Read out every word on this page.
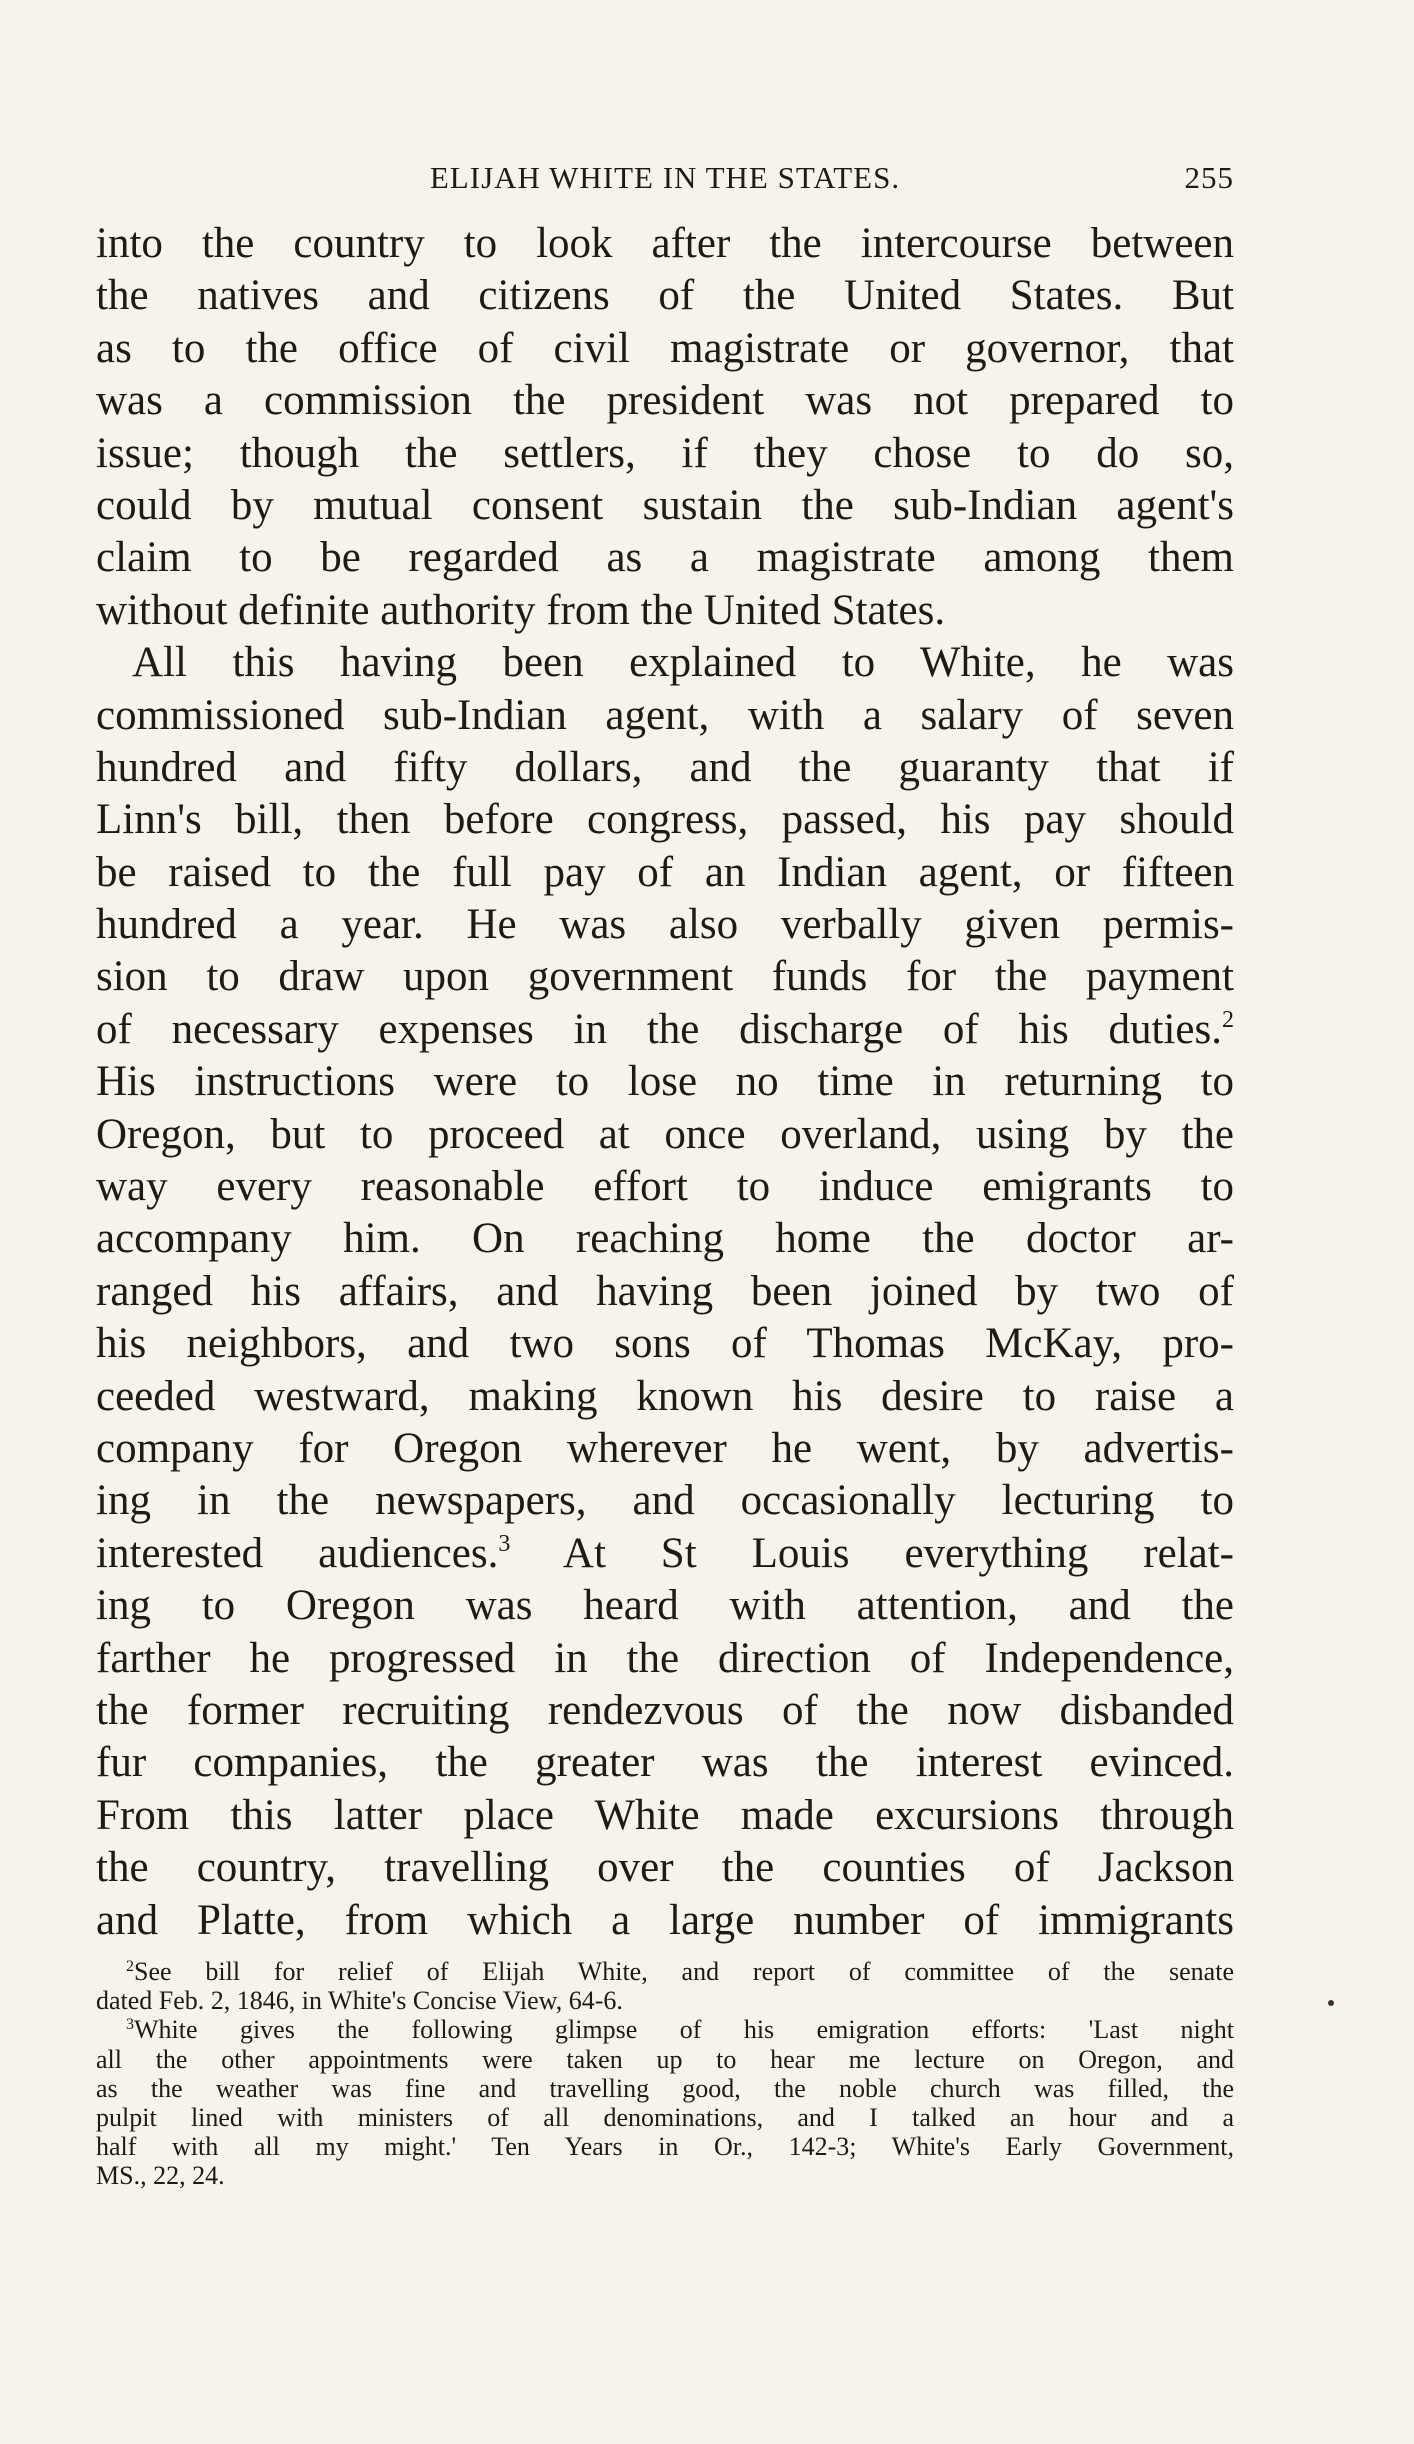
ELIJAH WHITE IN THE STATES.	255
into the country to look after the intercourse between
the natives and citizens of the United States. But
as to the office of civil magistrate or governor, that
was a commission the president was not prepared to
issue; though the settlers, if they chose to do so,
could by mutual consent sustain the sub-Indian agent's
claim to be regarded as a magistrate among them
without definite authority from the United States.
All this having been explained to White, he was
commissioned sub-Indian agent, with a salary of seven
hundred and fifty dollars, and the guaranty that if
Linn's bill, then before congress, passed, his pay should
be raised to the full pay of an Indian agent, or fifteen
hundred a year. He was also verbally given permis-
sion to draw upon government funds for the payment
of necessary expenses in the discharge of his duties.$^2$
His instructions were to lose no time in returning to
Oregon, but to proceed at once overland, using by the
way every reasonable effort to induce emigrants to
accompany him. On reaching home the doctor ar-
ranged his affairs, and having been joined by two of
his neighbors, and two sons of Thomas McKay, pro-
ceeded westward, making known his desire to raise a
company for Oregon wherever he went, by advertis-
ing in the newspapers, and occasionally lecturing to
interested audiences.$^3$ At St Louis everything relat-
ing to Oregon was heard with attention, and the
farther he progressed in the direction of Independence,
the former recruiting rendezvous of the now disbanded
fur companies, the greater was the interest evinced.
From this latter place White made excursions through
the country, travelling over the counties of Jackson
and Platte, from which a large number of immigrants
$^2$See bill for relief of Elijah White, and report of committee of the senate
dated Feb. 2, 1846, in White's Concise View, 64-6.
$^3$White gives the following glimpse of his emigration efforts: 'Last night
all the other appointments were taken up to hear me lecture on Oregon, and
as the weather was fine and travelling good, the noble church was filled, the
pulpit lined with ministers of all denominations, and I talked an hour and a
half with all my might.' Ten Years in Or., 142-3; White's Early Government,
MS., 22, 24.
